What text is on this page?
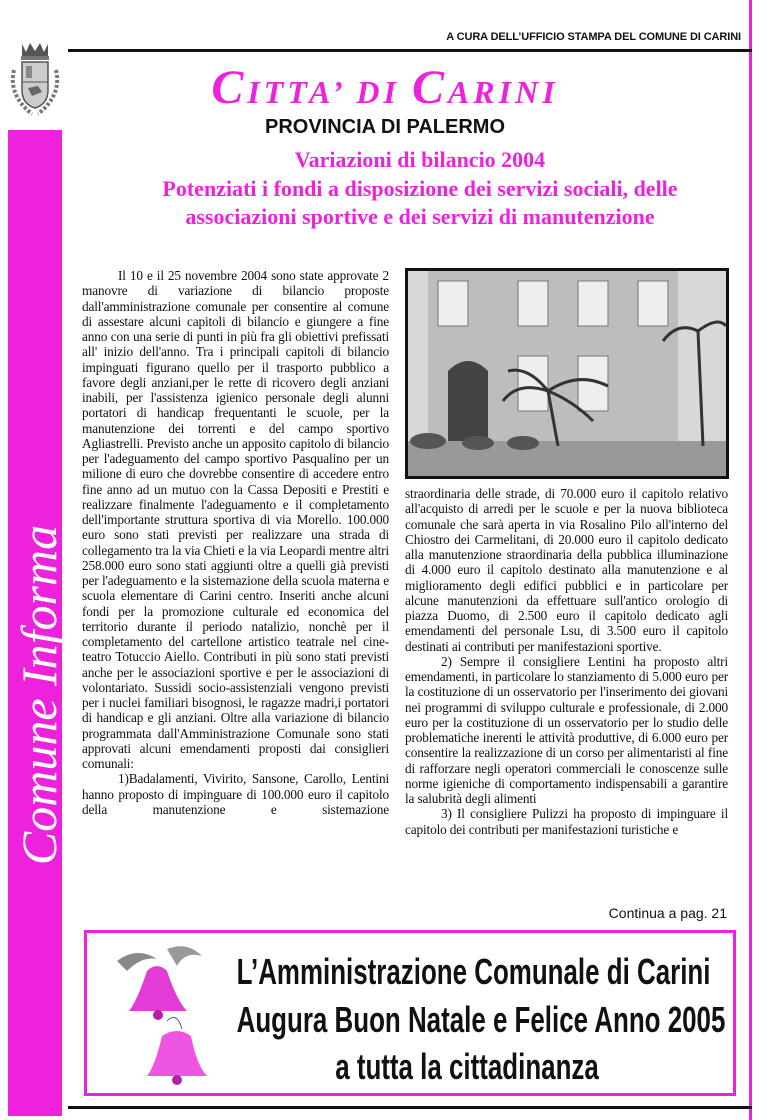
A CURA DELL’UFFICIO STAMPA DEL COMUNE DI CARINI
CITTA’ DI CARINI
PROVINCIA DI PALERMO
Comune Informa
Variazioni di bilancio 2004
Potenziati i fondi a disposizione dei servizi sociali, delle
associazioni sportive e dei servizi di manutenzione

Il 10 e il 25 novembre 2004 sono state approvate 2 manovre di variazione di bilancio proposte dall'amministrazione comunale per consentire al comune di assestare alcuni capitoli di bilancio e giungere a fine anno con una serie di punti in più fra gli obiettivi prefissati all' inizio dell'anno. Tra i principali capitoli di bilancio impinguati figurano quello per il trasporto pubblico a favore degli anziani,per le rette di ricovero degli anziani inabili, per l'assistenza igienico personale degli alunni portatori di handicap frequentanti le scuole, per la manutenzione dei torrenti e del campo sportivo Agliastrelli. Previsto anche un apposito capitolo di bilancio per l'adeguamento del campo sportivo Pasqualino per un milione di euro che dovrebbe consentire di accedere entro fine anno ad un mutuo con la Cassa Depositi e Prestiti e realizzare finalmente l'adeguamento e il completamento dell'importante struttura sportiva di via Morello. 100.000 euro sono stati previsti per realizzare una strada di collegamento tra la via Chieti e la via Leopardi mentre altri 258.000 euro sono stati aggiunti oltre a quelli già previsti per l'adeguamento e la sistemazione della scuola materna e scuola elementare di Carini centro. Inseriti anche alcuni fondi per la promozione culturale ed economica del territorio durante il periodo natalizio, nonchè per il completamento del cartellone artistico teatrale nel cine-teatro Totuccio Aiello. Contributi in più sono stati previsti anche per le associazioni sportive e per le associazioni di volontariato. Sussidi socio-assistenziali vengono previsti per i nuclei familiari bisognosi, le ragazze madri,i portatori di handicap e gli anziani. Oltre alla variazione di bilancio programmata dall'Amministrazione Comunale sono stati approvati alcuni emendamenti proposti dai consiglieri comunali:

1)Badalamenti, Vivirito, Sansone, Carollo, Lentini hanno proposto di impinguare di 100.000 euro il capitolo della manutenzione e sistemazione

straordinaria delle strade, di 70.000 euro il capitolo relativo all'acquisto di arredi per le scuole e per la nuova biblioteca comunale che sarà aperta in via Rosalino Pilo all'interno del Chiostro dei Carmelitani, di 20.000 euro il capitolo dedicato alla manutenzione straordinaria della pubblica illuminazione di 4.000 euro il capitolo destinato alla manutenzione e al miglioramento degli edifici pubblici e in particolare per alcune manutenzioni da effettuare sull'antico orologio di piazza Duomo, di 2.500 euro il capitolo dedicato agli emendamenti del personale Lsu, di 3.500 euro il capitolo destinati ai contributi per manifestazioni sportive.

2) Sempre il consigliere Lentini ha proposto altri emendamenti, in particolare lo stanziamento di 5.000 euro per la costituzione di un osservatorio per l'inserimento dei giovani nei programmi di sviluppo culturale e professionale, di 2.000 euro per la costituzione di un osservatorio per lo studio delle problematiche inerenti le attività produttive, di 6.000 euro per consentire la realizzazione di un corso per alimentaristi al fine di rafforzare negli operatori commerciali le conoscenze sulle norme igieniche di comportamento indispensabili a garantire la salubrità degli alimenti

3) Il consigliere Pulizzi ha proposto di impinguare il capitolo dei contributi per manifestazioni turistiche e

Continua a pag. 21
L’Amministrazione Comunale di Carini
Augura Buon Natale e Felice Anno 2005
a tutta la cittadinanza
